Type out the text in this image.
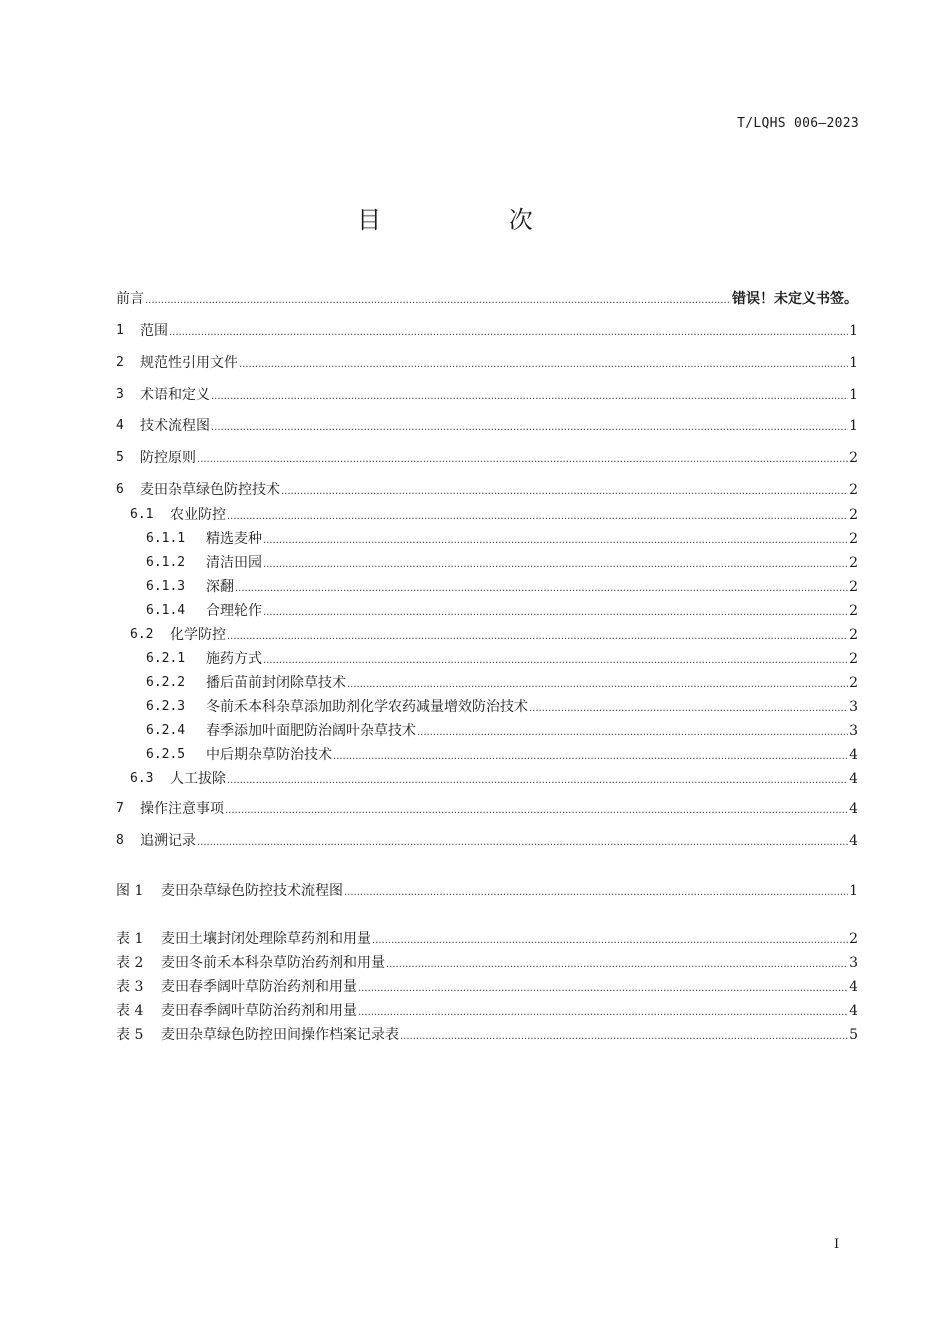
T/LQHS 006—2023
目 次
前言 .....	错误！未定义书签。
1	范围 .....	1
2	规范性引用文件 .....	1
3	术语和定义 .....	1
4	技术流程图 .....	1
5	防控原则 .....	2
6	麦田杂草绿色防控技术 .....	2
6.1	农业防控 .....	2
6.1.1	精选麦种 .....	2
6.1.2	清洁田园 .....	2
6.1.3	深翻 .....	2
6.1.4	合理轮作 .....	2
6.2	化学防控 .....	2
6.2.1	施药方式 .....	2
6.2.2	播后苗前封闭除草技术 .....	2
6.2.3	冬前禾本科杂草添加助剂化学农药减量增效防治技术 .....	3
6.2.4	春季添加叶面肥防治阔叶杂草技术 .....	3
6.2.5	中后期杂草防治技术 .....	4
6.3	人工拔除 .....	4
7	操作注意事项 .....	4
8	追溯记录 .....	4
图 1	麦田杂草绿色防控技术流程图 .....	1
表 1	麦田土壤封闭处理除草药剂和用量 .....	2
表 2	麦田冬前禾本科杂草防治药剂和用量 .....	3
表 3	麦田春季阔叶草防治药剂和用量 .....	4
表 4	麦田春季阔叶草防治药剂和用量 .....	4
表 5	麦田杂草绿色防控田间操作档案记录表 .....	5
I
